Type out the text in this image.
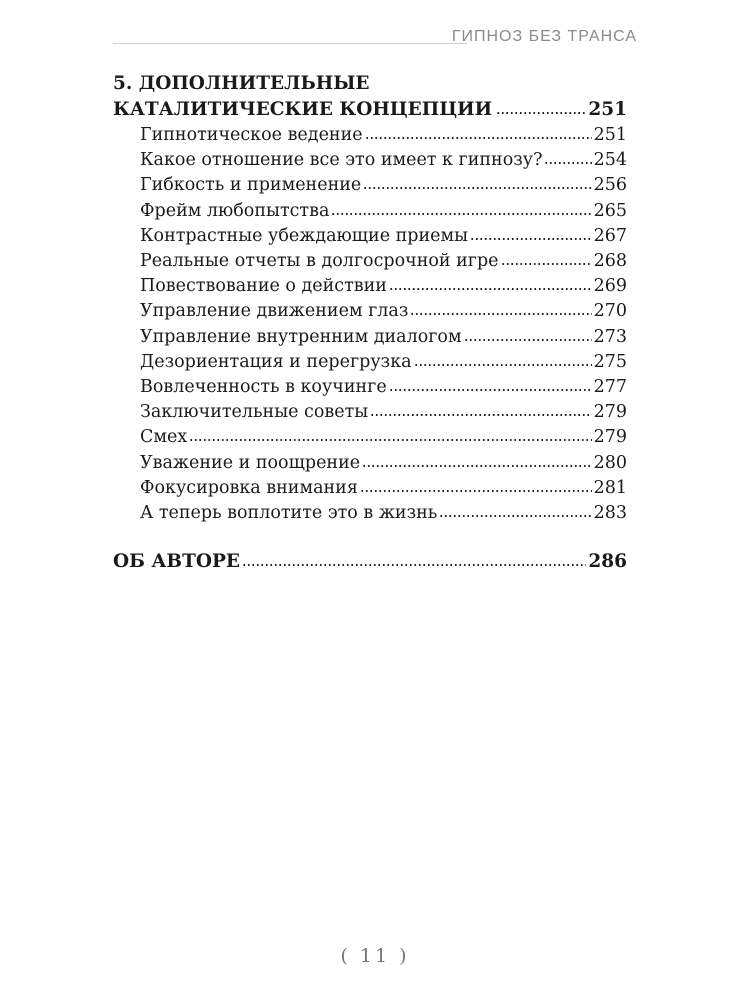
ГИПНОЗ БЕЗ ТРАНСА
5. ДОПОЛНИТЕЛЬНЫЕ
КАТАЛИТИЧЕСКИЕ КОНЦЕПЦИИ	251
Гипнотическое ведение	251
Какое отношение все это имеет к гипнозу?	254
Гибкость и применение	256
Фрейм любопытства	265
Контрастные убеждающие приемы	267
Реальные отчеты в долгосрочной игре	268
Повествование о действии	269
Управление движением глаз	270
Управление внутренним диалогом	273
Дезориентация и перегрузка	275
Вовлеченность в коучинге	277
Заключительные советы	279
Смех	279
Уважение и поощрение	280
Фокусировка внимания	281
А теперь воплотите это в жизнь	283
ОБ АВТОРЕ	286
( 11 )
